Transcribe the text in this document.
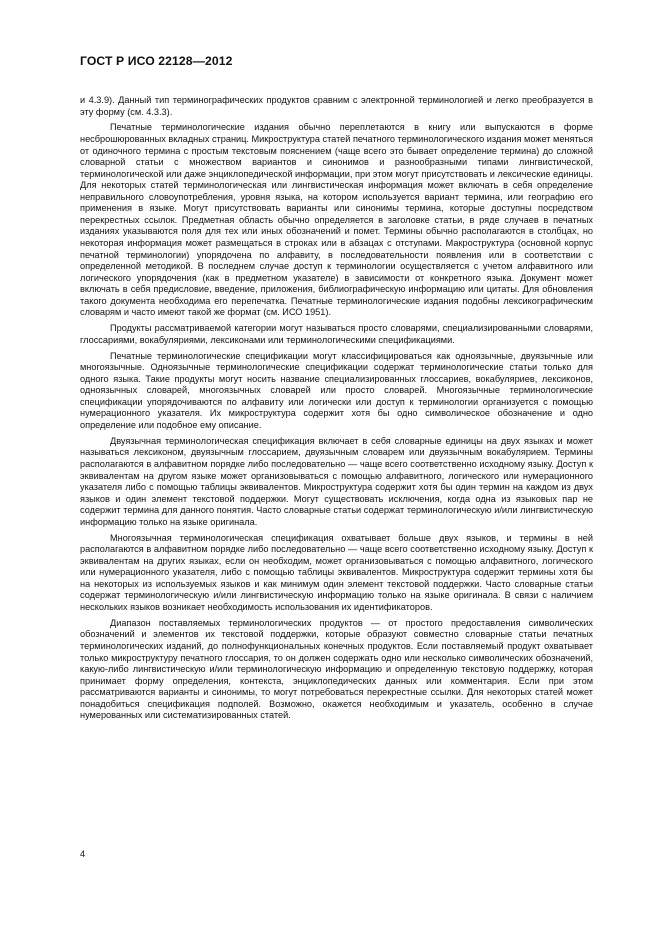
ГОСТ Р ИСО 22128—2012

и 4.3.9). Данный тип терминографических продуктов сравним с электронной терминологией и легко преобразуется в эту форму (см. 4.3.3).

Печатные терминологические издания обычно переплетаются в книгу или выпускаются в форме несброшюрованных вкладных страниц. Микроструктура статей печатного терминологического издания может меняться от одиночного термина с простым текстовым пояснением (чаще всего это бывает определение термина) до сложной словарной статьи с множеством вариантов и синонимов и разнообразными типами лингвистической, терминологической или даже энциклопедической информации, при этом могут присутствовать и лексические единицы. Для некоторых статей терминологическая или лингвистическая информация может включать в себя определение неправильного словоупотребления, уровня языка, на котором используется вариант термина, или географию его применения в языке. Могут присутствовать варианты или синонимы термина, которые доступны посредством перекрестных ссылок. Предметная область обычно определяется в заголовке статьи, в ряде случаев в печатных изданиях указываются поля для тех или иных обозначений и помет. Термины обычно располагаются в столбцах, но некоторая информация может размещаться в строках или в абзацах с отступами. Макроструктура (основной корпус печатной терминологии) упорядочена по алфавиту, в последовательности появления или в соответствии с определенной методикой. В последнем случае доступ к терминологии осуществляется с учетом алфавитного или логического упорядочения (как в предметном указателе) в зависимости от конкретного языка. Документ может включать в себя предисловие, введение, приложения, библиографическую информацию или цитаты. Для обновления такого документа необходима его перепечатка. Печатные терминологические издания подобны лексикографическим словарям и часто имеют такой же формат (см. ИСО 1951).

Продукты рассматриваемой категории могут называться просто словарями, специализированными словарями, глоссариями, вокабуляриями, лексиконами или терминологическими спецификациями.

Печатные терминологические спецификации могут классифицироваться как одноязычные, двуязычные или многоязычные. Одноязычные терминологические спецификации содержат терминологические статьи только для одного языка. Такие продукты могут носить название специализированных глоссариев, вокабуляриев, лексиконов, одноязычных словарей, многоязычных словарей или просто словарей. Многоязычные терминологические спецификации упорядочиваются по алфавиту или логически или доступ к терминологии организуется с помощью нумерационного указателя. Их микроструктура содержит хотя бы одно символическое обозначение и одно определение или подобное ему описание.

Двуязычная терминологическая спецификация включает в себя словарные единицы на двух языках и может называться лексиконом, двуязычным глоссарием, двуязычным словарем или двуязычным вокабулярием. Термины располагаются в алфавитном порядке либо последовательно — чаще всего соответственно исходному языку. Доступ к эквивалентам на другом языке может организовываться с помощью алфавитного, логического или нумерационного указателя либо с помощью таблицы эквивалентов. Микроструктура содержит хотя бы один термин на каждом из двух языков и один элемент текстовой поддержки. Могут существовать исключения, когда одна из языковых пар не содержит термина для данного понятия. Часто словарные статьи содержат терминологическую и/или лингвистическую информацию только на языке оригинала.

Многоязычная терминологическая спецификация охватывает больше двух языков, и термины в ней располагаются в алфавитном порядке либо последовательно — чаще всего соответственно исходному языку. Доступ к эквивалентам на других языках, если он необходим, может организовываться с помощью алфавитного, логического или нумерационного указателя, либо с помощью таблицы эквивалентов. Микроструктура содержит термины хотя бы на некоторых из используемых языков и как минимум один элемент текстовой поддержки. Часто словарные статьи содержат терминологическую и/или лингвистическую информацию только на языке оригинала. В связи с наличием нескольких языков возникает необходимость использования их идентификаторов.

Диапазон поставляемых терминологических продуктов — от простого предоставления символических обозначений и элементов их текстовой поддержки, которые образуют совместно словарные статьи печатных терминологических изданий, до полнофункциональных конечных продуктов. Если поставляемый продукт охватывает только микроструктуру печатного глоссария, то он должен содержать одно или несколько символических обозначений, какую-либо лингвистическую и/или терминологическую информацию и определенную текстовую поддержку, которая принимает форму определения, контекста, энциклопедических данных или комментария. Если при этом рассматриваются варианты и синонимы, то могут потребоваться перекрестные ссылки. Для некоторых статей может понадобиться спецификация подполей. Возможно, окажется необходимым и указатель, особенно в случае нумерованных или систематизированных статей.

4
